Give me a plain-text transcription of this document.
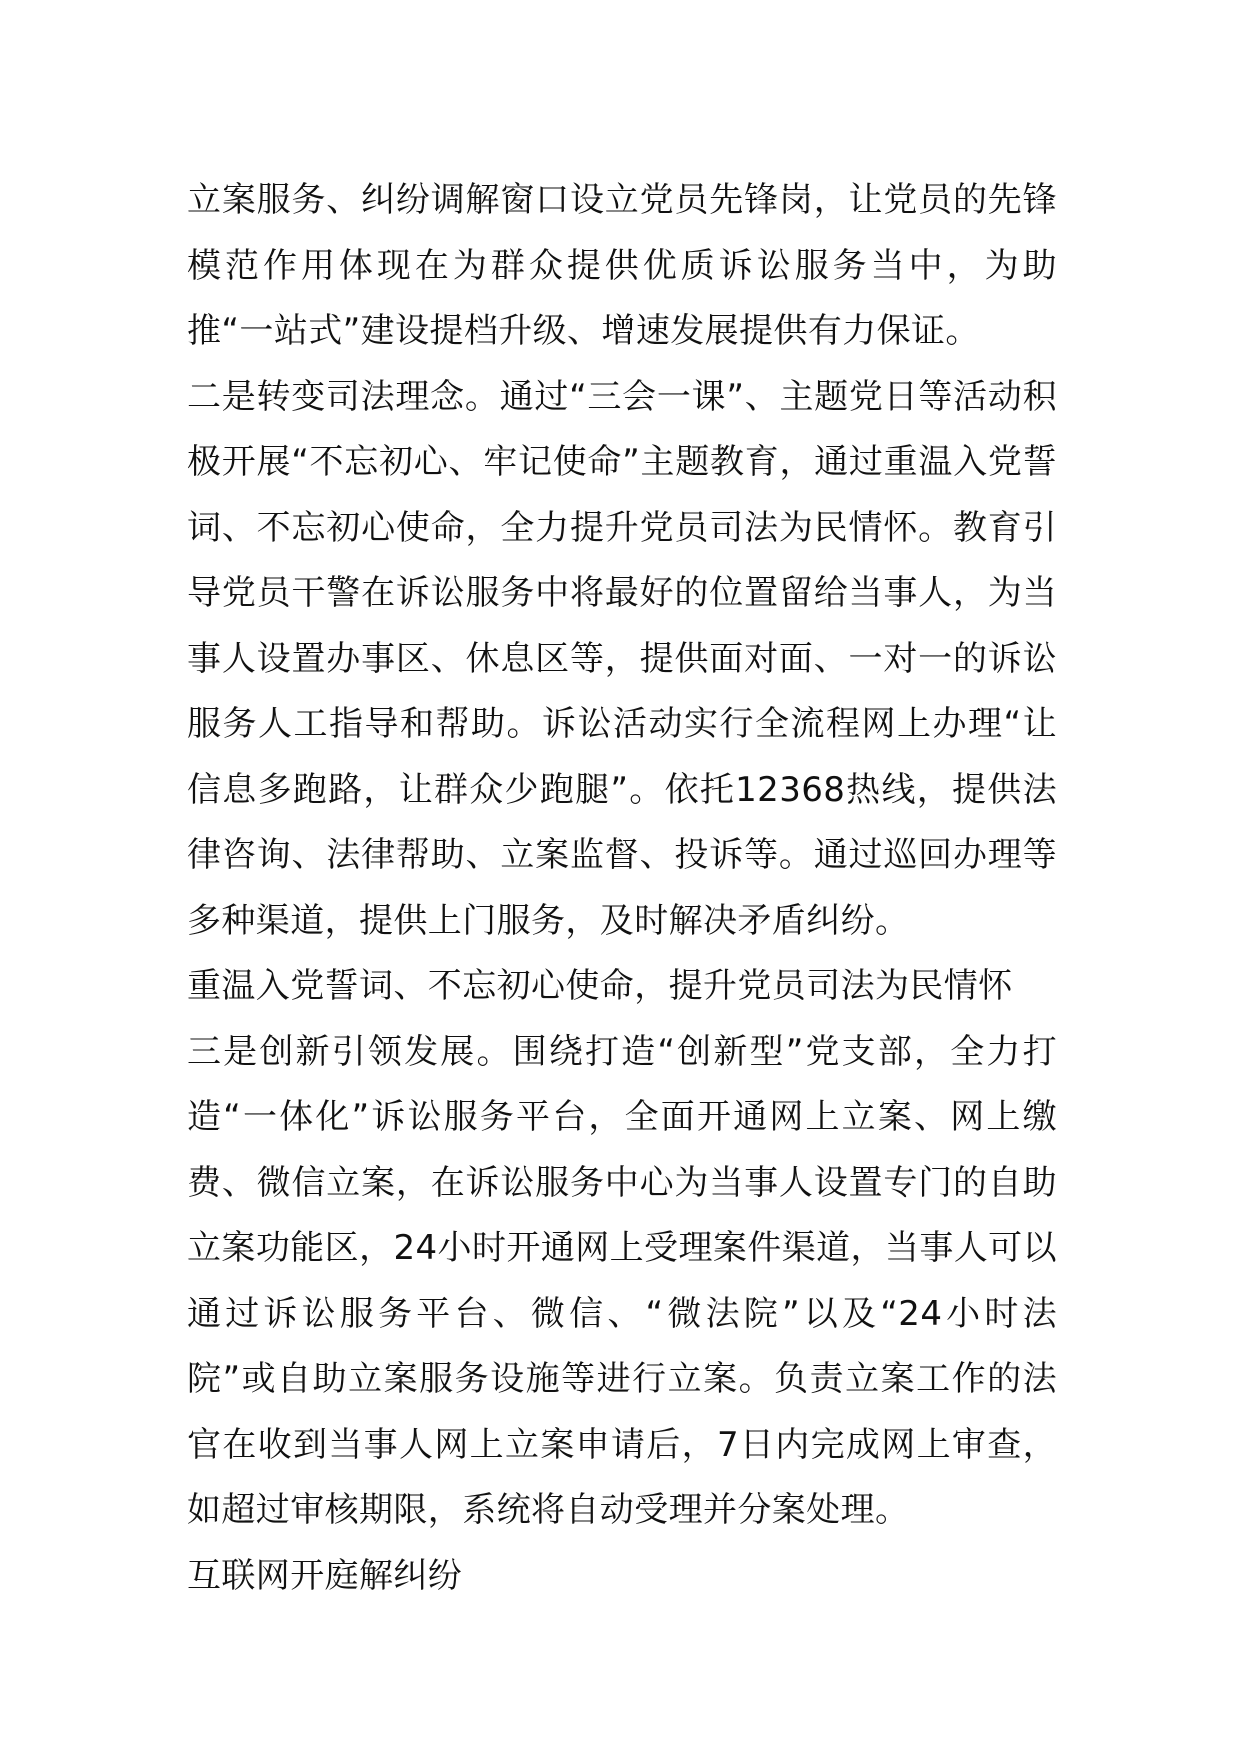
立案服务、纠纷调解窗口设立党员先锋岗，让党员的先锋模范作用体现在为群众提供优质诉讼服务当中，为助推“一站式”建设提档升级、增速发展提供有力保证。

二是转变司法理念。通过“三会一课”、主题党日等活动积极开展“不忘初心、牢记使命”主题教育，通过重温入党誓词、不忘初心使命，全力提升党员司法为民情怀。教育引导党员干警在诉讼服务中将最好的位置留给当事人，为当事人设置办事区、休息区等，提供面对面、一对一的诉讼服务人工指导和帮助。诉讼活动实行全流程网上办理“让信息多跑路，让群众少跑腿”。依托12368热线，提供法律咨询、法律帮助、立案监督、投诉等。通过巡回办理等多种渠道，提供上门服务，及时解决矛盾纠纷。

重温入党誓词、不忘初心使命，提升党员司法为民情怀

三是创新引领发展。围绕打造“创新型”党支部，全力打造“一体化”诉讼服务平台，全面开通网上立案、网上缴费、微信立案，在诉讼服务中心为当事人设置专门的自助立案功能区，24小时开通网上受理案件渠道，当事人可以通过诉讼服务平台、微信、“微法院”以及“24小时法院”或自助立案服务设施等进行立案。负责立案工作的法官在收到当事人网上立案申请后，7日内完成网上审查，如超过审核期限，系统将自动受理并分案处理。

互联网开庭解纠纷
